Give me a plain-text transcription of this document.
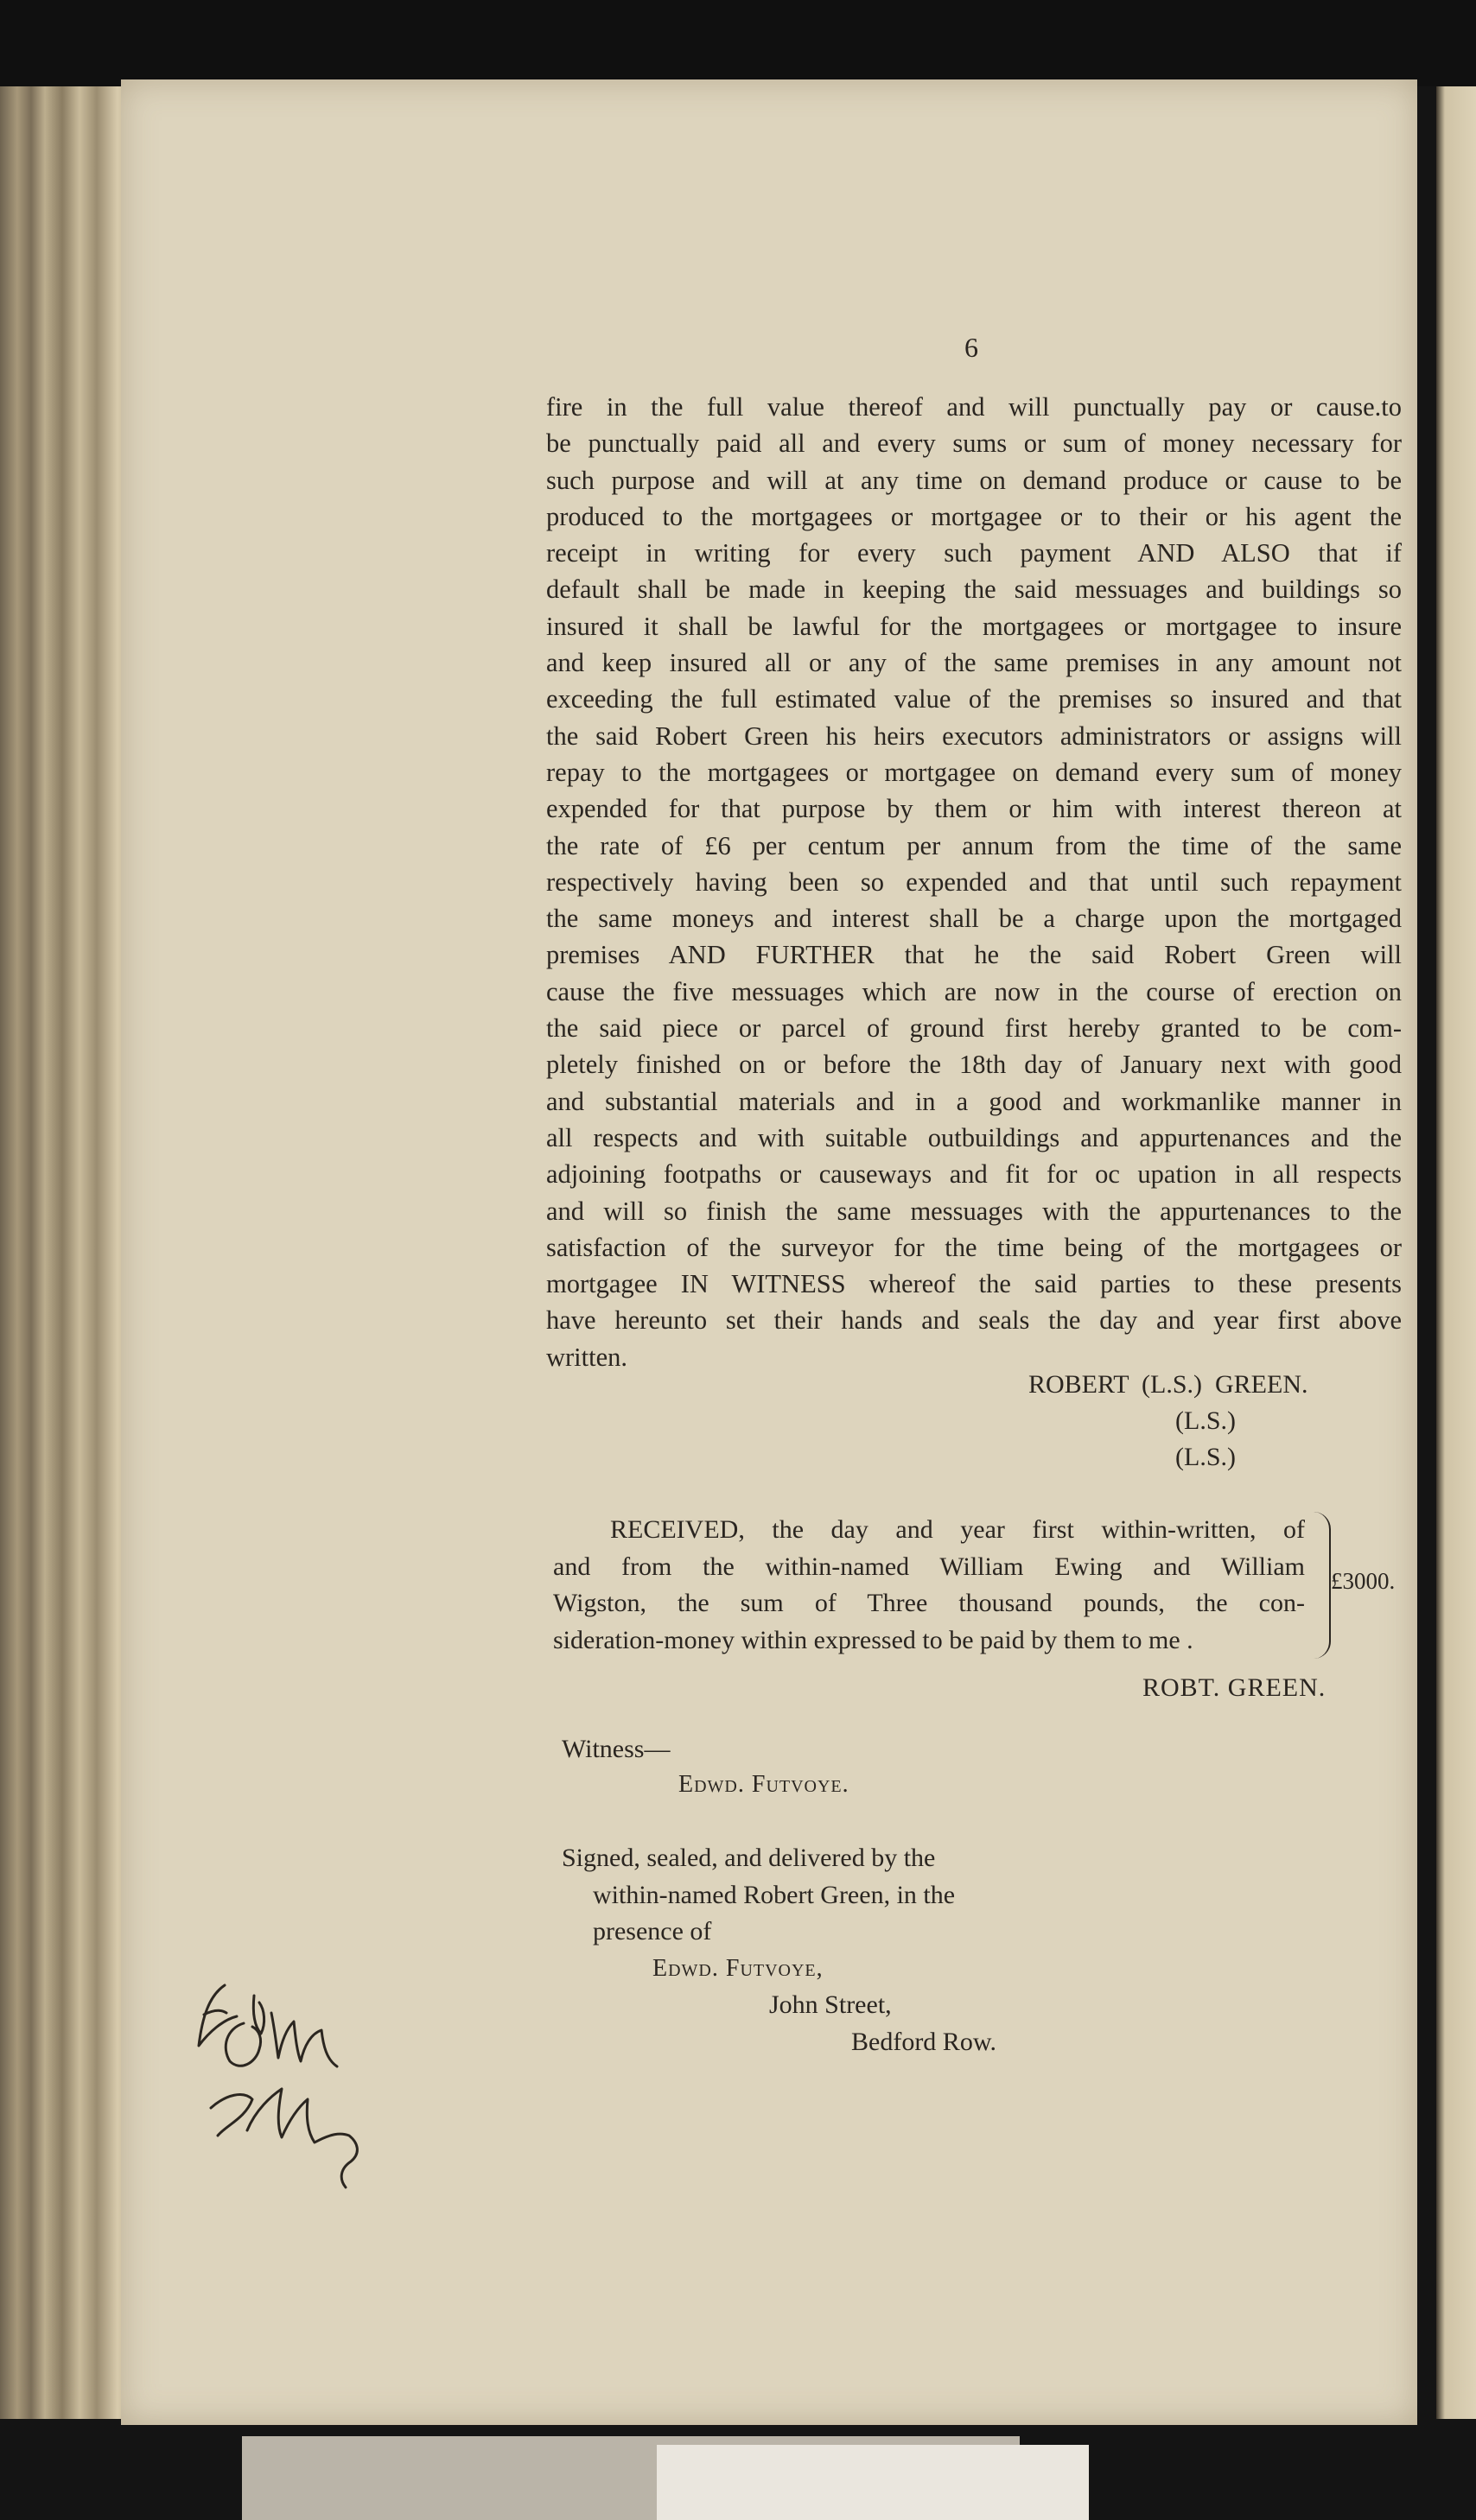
6
fire in the full value thereof and will punctually pay or cause.to
be punctually paid all and every sums or sum of money necessary for
such purpose and will at any time on demand produce or cause to be
produced to the mortgagees or mortgagee or to their or his agent the
receipt in writing for every such payment AND ALSO that if
default shall be made in keeping the said messuages and buildings so
insured it shall be lawful for the mortgagees or mortgagee to insure
and keep insured all or any of the same premises in any amount not
exceeding the full estimated value of the premises so insured and that
the said Robert Green his heirs executors administrators or assigns will
repay to the mortgagees or mortgagee on demand every sum of money
expended for that purpose by them or him with interest thereon at
the rate of £6 per centum per annum from the time of the same
respectively having been so expended and that until such repayment
the same moneys and interest shall be a charge upon the mortgaged
premises AND FURTHER that he the said Robert Green will
cause the five messuages which are now in the course of erection on
the said piece or parcel of ground first hereby granted to be com-
pletely finished on or before the 18th day of January next with good
and substantial materials and in a good and workmanlike manner in
all respects and with suitable outbuildings and appurtenances and the
adjoining footpaths or causeways and fit for oc upation in all respects
and will so finish the same messuages with the appurtenances to the
satisfaction of the surveyor for the time being of the mortgagees or
mortgagee IN WITNESS whereof the said parties to these presents
have hereunto set their hands and seals the day and year first above
written.
ROBERT  (L.S.)  GREEN.
(L.S.)
(L.S.)
RECEIVED, the day and year first within-written, of
and from the within-named William Ewing and William
Wigston, the sum of Three thousand pounds, the con-
sideration-money within expressed to be paid by them to me .
£3000.
ROBT. GREEN.
Witness—
Edwd. Futvoye.
Signed, sealed, and delivered by the
within-named Robert Green, in the
presence of
Edwd. Futvoye,
John Street,
Bedford Row.
